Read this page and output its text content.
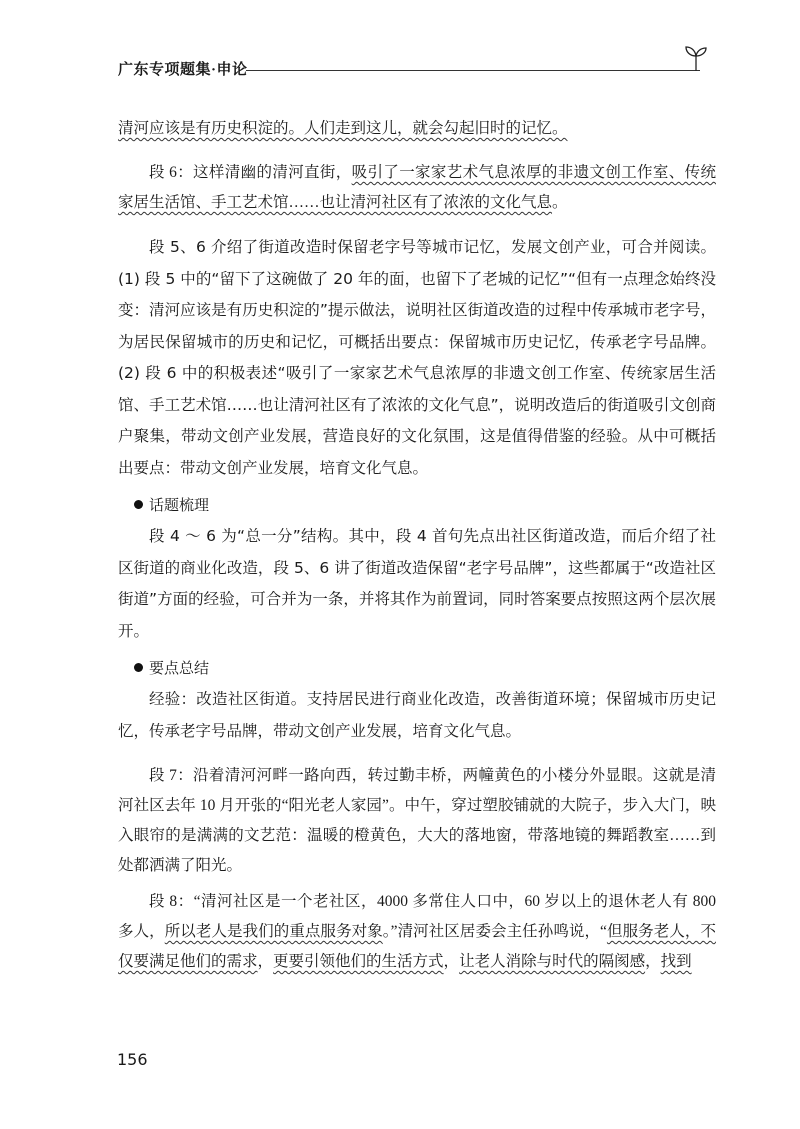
广东专项题集·申论

清河应该是有历史积淀的。人们走到这儿，就会勾起旧时的记忆。

段 6：这样清幽的清河直街，吸引了一家家艺术气息浓厚的非遗文创工作室、传统家居生活馆、手工艺术馆……也让清河社区有了浓浓的文化气息。

段 5、6 介绍了街道改造时保留老字号等城市记忆，发展文创产业，可合并阅读。(1) 段 5 中的“留下了这碗做了 20 年的面，也留下了老城的记忆”“但有一点理念始终没变：清河应该是有历史积淀的”提示做法，说明社区街道改造的过程中传承城市老字号，为居民保留城市的历史和记忆，可概括出要点：保留城市历史记忆，传承老字号品牌。(2) 段 6 中的积极表述“吸引了一家家艺术气息浓厚的非遗文创工作室、传统家居生活馆、手工艺术馆……也让清河社区有了浓浓的文化气息”，说明改造后的街道吸引文创商户聚集，带动文创产业发展，营造良好的文化氛围，这是值得借鉴的经验。从中可概括出要点：带动文创产业发展，培育文化气息。

话题梳理

段 4 ～ 6 为“总一分”结构。其中，段 4 首句先点出社区街道改造，而后介绍了社区街道的商业化改造，段 5、6 讲了街道改造保留“老字号品牌”，这些都属于“改造社区街道”方面的经验，可合并为一条，并将其作为前置词，同时答案要点按照这两个层次展开。

要点总结

经验：改造社区街道。支持居民进行商业化改造，改善街道环境；保留城市历史记忆，传承老字号品牌，带动文创产业发展，培育文化气息。

段 7：沿着清河河畔一路向西，转过勤丰桥，两幢黄色的小楼分外显眼。这就是清河社区去年 10 月开张的“阳光老人家园”。中午，穿过塑胶铺就的大院子，步入大门，映入眼帘的是满满的文艺范：温暖的橙黄色，大大的落地窗，带落地镜的舞蹈教室……到处都洒满了阳光。

段 8：“清河社区是一个老社区，4000 多常住人口中，60 岁以上的退休老人有 800 多人，所以老人是我们的重点服务对象。”清河社区居委会主任孙鸣说，“但服务老人，不仅要满足他们的需求，更要引领他们的生活方式，让老人消除与时代的隔阂感，找到

156
